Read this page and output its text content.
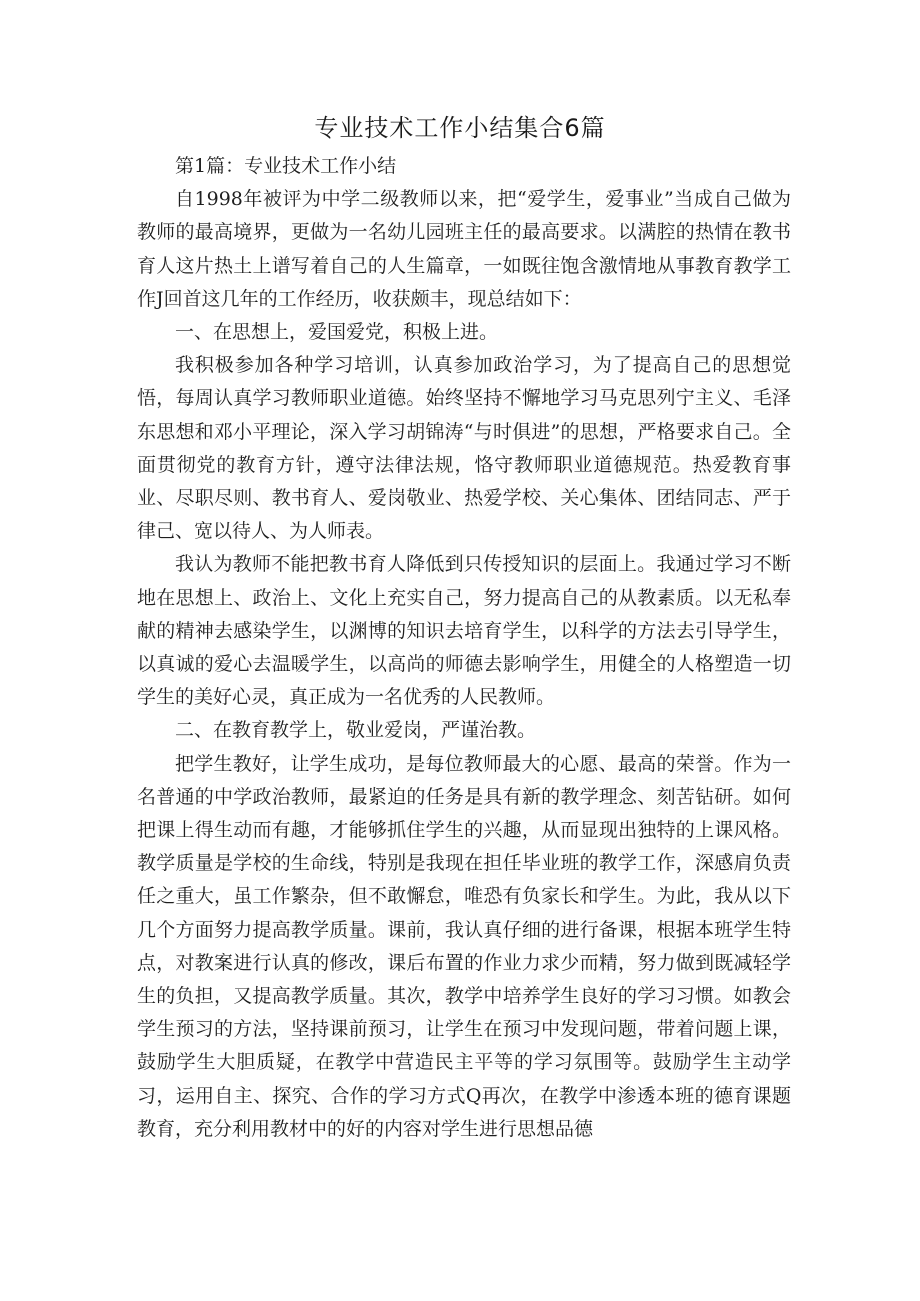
专业技术工作小结集合6篇

第1篇：专业技术工作小结

自1998年被评为中学二级教师以来，把“爱学生，爱事业”当成自己做为教师的最高境界，更做为一名幼儿园班主任的最高要求。以满腔的热情在教书育人这片热土上谱写着自己的人生篇章，一如既往饱含激情地从事教育教学工作J回首这几年的工作经历，收获颇丰，现总结如下：

一、在思想上，爱国爱党，积极上进。

我积极参加各种学习培训，认真参加政治学习，为了提高自己的思想觉悟，每周认真学习教师职业道德。始终坚持不懈地学习马克思列宁主义、毛泽东思想和邓小平理论，深入学习胡锦涛“与时俱进”的思想，严格要求自己。全面贯彻党的教育方针，遵守法律法规，恪守教师职业道德规范。热爱教育事业、尽职尽则、教书育人、爱岗敬业、热爱学校、关心集体、团结同志、严于律己、宽以待人、为人师表。

我认为教师不能把教书育人降低到只传授知识的层面上。我通过学习不断地在思想上、政治上、文化上充实自己，努力提高自己的从教素质。以无私奉献的精神去感染学生，以渊博的知识去培育学生，以科学的方法去引导学生，以真诚的爱心去温暖学生，以高尚的师德去影响学生，用健全的人格塑造一切学生的美好心灵，真正成为一名优秀的人民教师。

二、在教育教学上，敬业爱岗，严谨治教。

把学生教好，让学生成功，是每位教师最大的心愿、最高的荣誉。作为一名普通的中学政治教师，最紧迫的任务是具有新的教学理念、刻苦钻研。如何把课上得生动而有趣，才能够抓住学生的兴趣，从而显现出独特的上课风格。教学质量是学校的生命线，特别是我现在担任毕业班的教学工作，深感肩负责任之重大，虽工作繁杂，但不敢懈怠，唯恐有负家长和学生。为此，我从以下几个方面努力提高教学质量。课前，我认真仔细的进行备课，根据本班学生特点，对教案进行认真的修改，课后布置的作业力求少而精，努力做到既减轻学生的负担，又提高教学质量。其次，教学中培养学生良好的学习习惯。如教会学生预习的方法，坚持课前预习，让学生在预习中发现问题，带着问题上课，鼓励学生大胆质疑，在教学中营造民主平等的学习氛围等。鼓励学生主动学习，运用自主、探究、合作的学习方式Q再次，在教学中渗透本班的德育课题教育，充分利用教材中的好的内容对学生进行思想品德
